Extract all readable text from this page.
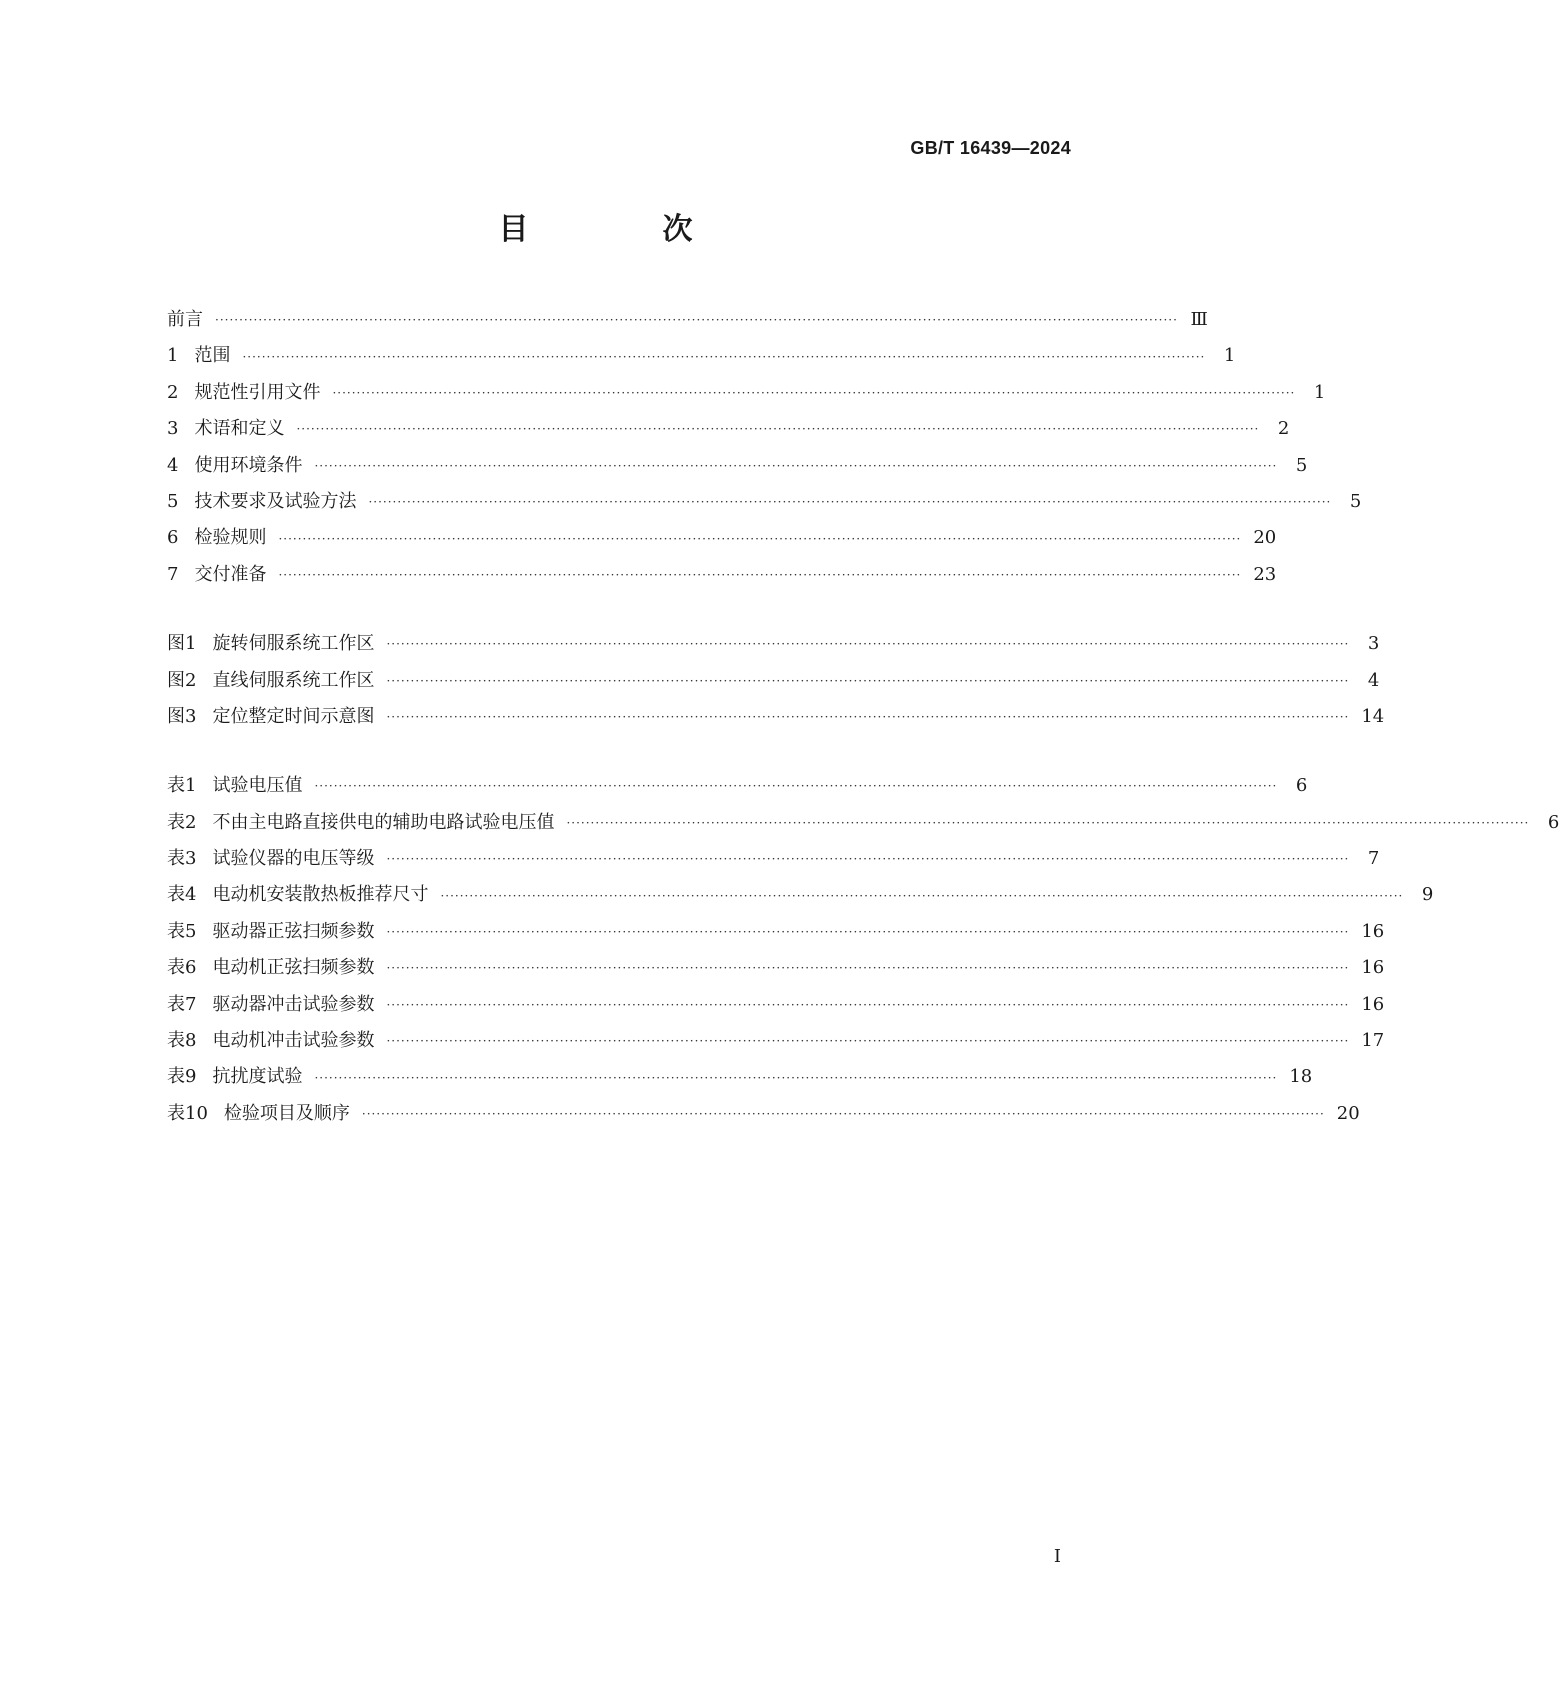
GB/T 16439—2024
目　次
前言 ········································································································································································································ Ⅲ
1 范围 ········································································································································································································	1
2 规范性引用文件 ········································································································································································································	1
3 术语和定义 ········································································································································································································	2
4 使用环境条件 ········································································································································································································	5
5 技术要求及试验方法 ········································································································································································································	5
6 检验规则 ········································································································································································································ 20
7 交付准备 ········································································································································································································ 23
图1 旋转伺服系统工作区 ········································································································································································································	3
图2 直线伺服系统工作区 ········································································································································································································	4
图3 定位整定时间示意图 ········································································································································································································ 14
表1 试验电压值 ········································································································································································································	6
表2 不由主电路直接供电的辅助电路试验电压值 ········································································································································································································	6
表3 试验仪器的电压等级 ········································································································································································································	7
表4 电动机安装散热板推荐尺寸 ········································································································································································································	9
表5 驱动器正弦扫频参数 ········································································································································································································ 16
表6 电动机正弦扫频参数 ········································································································································································································ 16
表7 驱动器冲击试验参数 ········································································································································································································ 16
表8 电动机冲击试验参数 ········································································································································································································ 17
表9 抗扰度试验 ········································································································································································································ 18
表10 检验项目及顺序 ········································································································································································································ 20
Ⅰ
